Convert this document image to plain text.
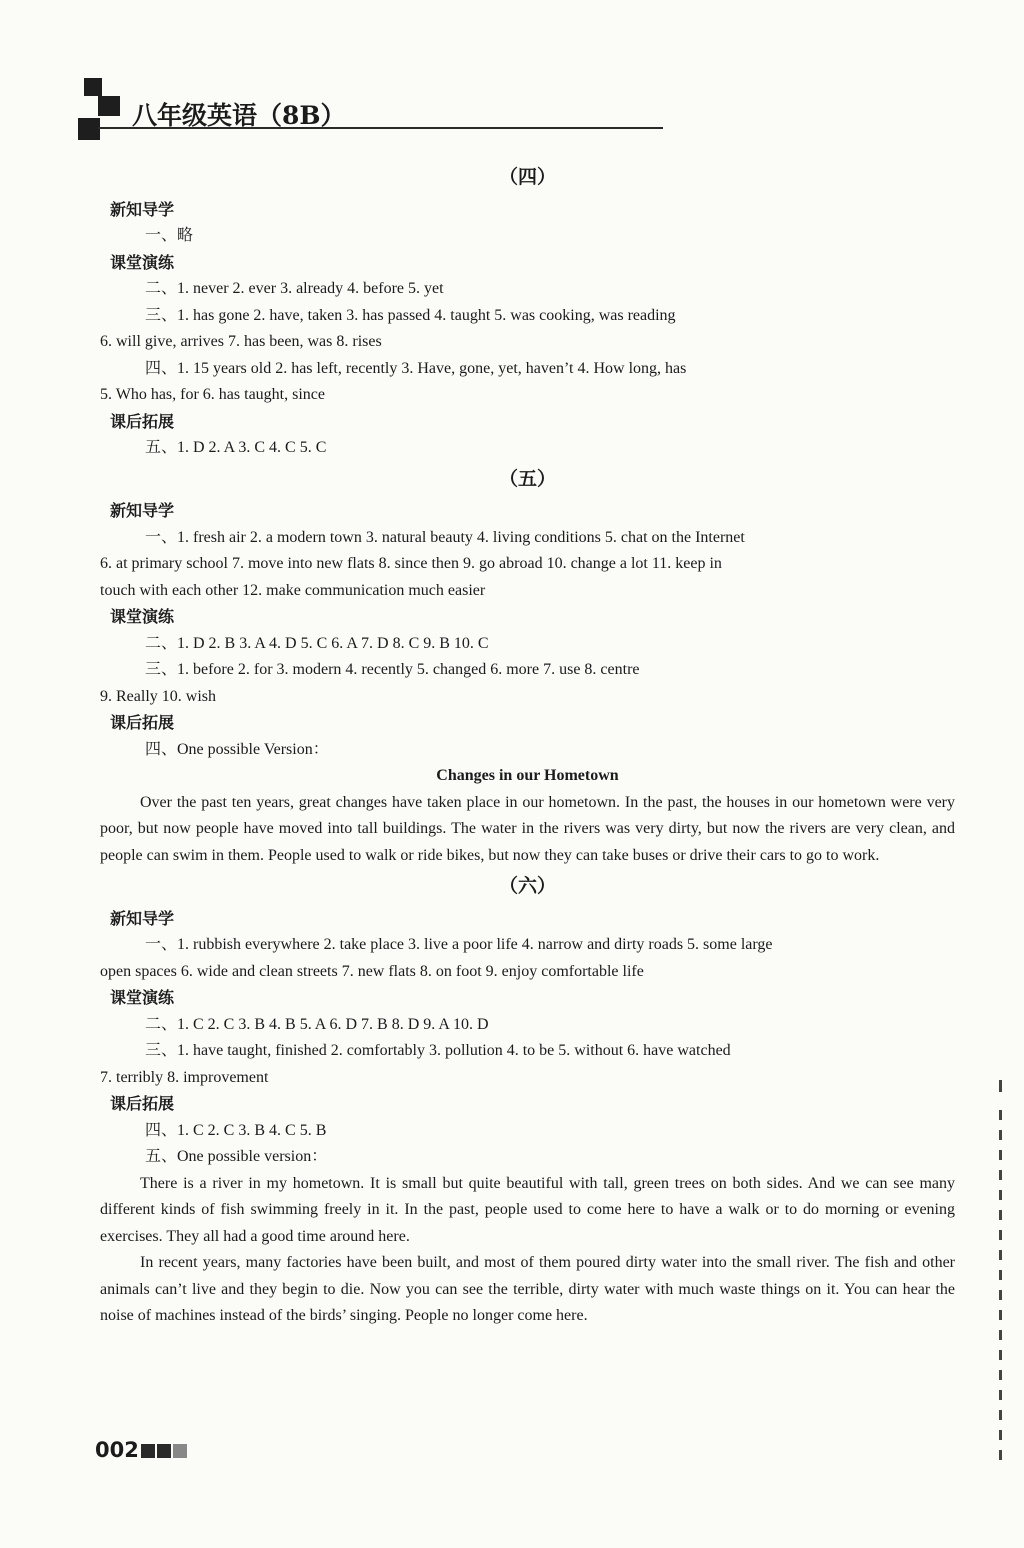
八年级英语（8B）
（四）
新知导学
一、略
课堂演练
二、1. never 2. ever 3. already 4. before 5. yet
三、1. has gone 2. have, taken 3. has passed 4. taught 5. was cooking, was reading
6. will give, arrives 7. has been, was 8. rises
四、1. 15 years old 2. has left, recently 3. Have, gone, yet, haven’t 4. How long, has
5. Who has, for 6. has taught, since
课后拓展
五、1. D 2. A 3. C 4. C 5. C
（五）
新知导学
一、1. fresh air 2. a modern town 3. natural beauty 4. living conditions 5. chat on the Internet
6. at primary school 7. move into new flats 8. since then 9. go abroad 10. change a lot 11. keep in
touch with each other 12. make communication much easier
课堂演练
二、1. D 2. B 3. A 4. D 5. C 6. A 7. D 8. C 9. B 10. C
三、1. before 2. for 3. modern 4. recently 5. changed 6. more 7. use 8. centre
9. Really 10. wish
课后拓展
四、One possible Version：
Changes in our Hometown
Over the past ten years, great changes have taken place in our hometown. In the past, the houses in our hometown were very poor, but now people have moved into tall buildings. The water in the rivers was very dirty, but now the rivers are very clean, and people can swim in them. People used to walk or ride bikes, but now they can take buses or drive their cars to go to work.
（六）
新知导学
一、1. rubbish everywhere 2. take place 3. live a poor life 4. narrow and dirty roads 5. some large
open spaces 6. wide and clean streets 7. new flats 8. on foot 9. enjoy comfortable life
课堂演练
二、1. C 2. C 3. B 4. B 5. A 6. D 7. B 8. D 9. A 10. D
三、1. have taught, finished 2. comfortably 3. pollution 4. to be 5. without 6. have watched
7. terribly 8. improvement
课后拓展
四、1. C 2. C 3. B 4. C 5. B
五、One possible version：
There is a river in my hometown. It is small but quite beautiful with tall, green trees on both sides. And we can see many different kinds of fish swimming freely in it. In the past, people used to come here to have a walk or to do morning or evening exercises. They all had a good time around here.
In recent years, many factories have been built, and most of them poured dirty water into the small river. The fish and other animals can’t live and they begin to die. Now you can see the terrible, dirty water with much waste things on it. You can hear the noise of machines instead of the birds’ singing. People no longer come here.
002
